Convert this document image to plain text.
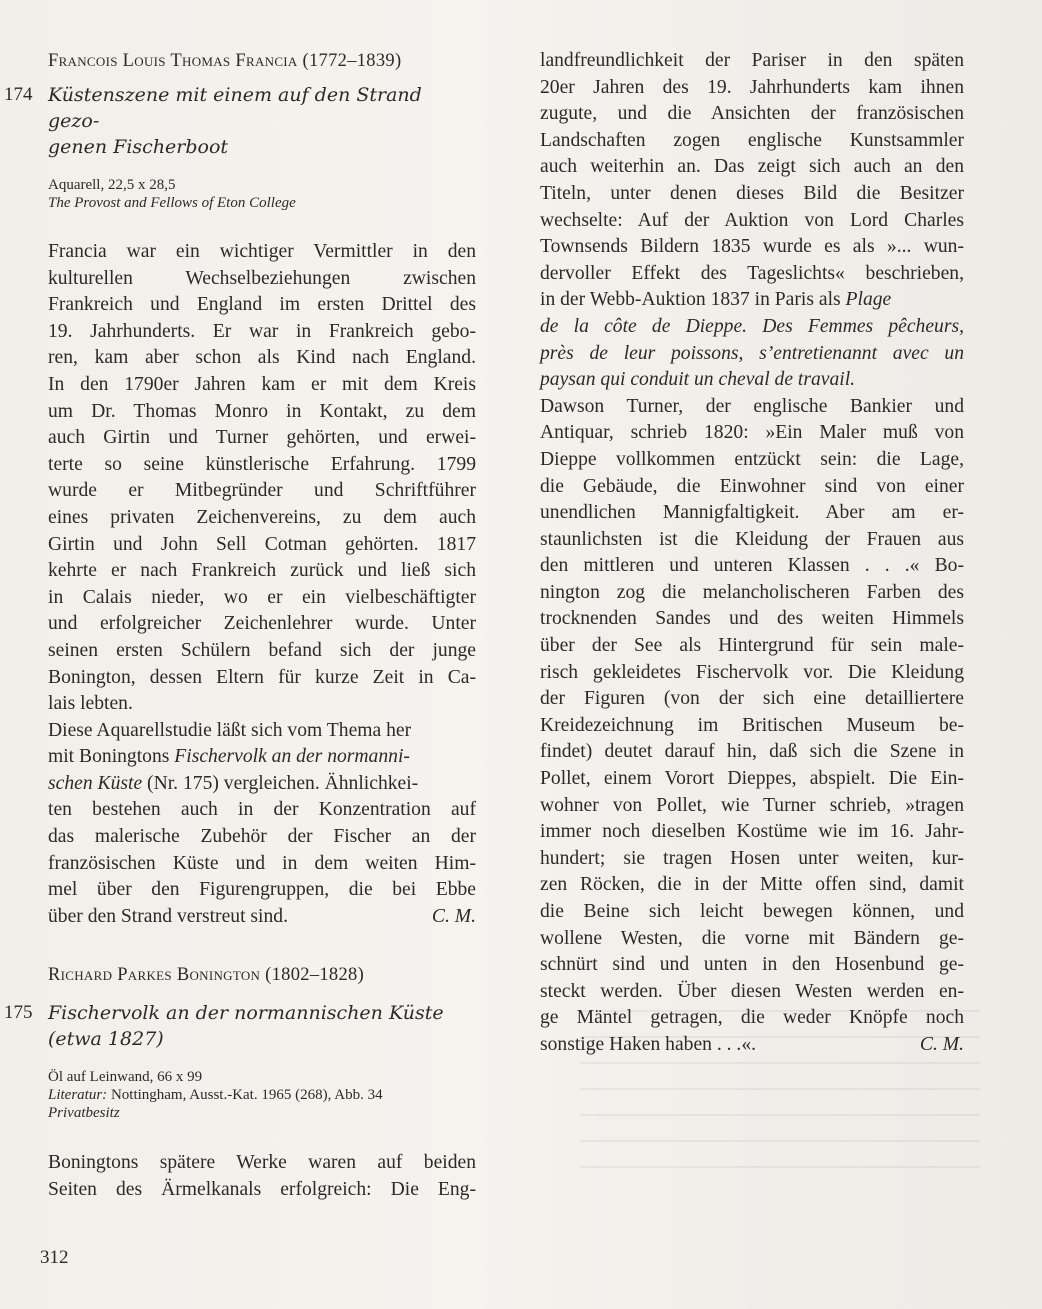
Francois Louis Thomas Francia (1772–1839)
174 Küstenszene mit einem auf den Strand gezo-
genen Fischerboot
Aquarell, 22,5 x 28,5
The Provost and Fellows of Eton College
Francia war ein wichtiger Vermittler in den
kulturellen Wechselbeziehungen zwischen
Frankreich und England im ersten Drittel des
19. Jahrhunderts. Er war in Frankreich gebo-
ren, kam aber schon als Kind nach England.
In den 1790er Jahren kam er mit dem Kreis
um Dr. Thomas Monro in Kontakt, zu dem
auch Girtin und Turner gehörten, und erwei-
terte so seine künstlerische Erfahrung. 1799
wurde er Mitbegründer und Schriftführer
eines privaten Zeichenvereins, zu dem auch
Girtin und John Sell Cotman gehörten. 1817
kehrte er nach Frankreich zurück und ließ sich
in Calais nieder, wo er ein vielbeschäftigter
und erfolgreicher Zeichenlehrer wurde. Unter
seinen ersten Schülern befand sich der junge
Bonington, dessen Eltern für kurze Zeit in Ca-
lais lebten.
Diese Aquarellstudie läßt sich vom Thema her
mit Boningtons Fischervolk an der normanni-
schen Küste (Nr. 175) vergleichen. Ähnlichkei-
ten bestehen auch in der Konzentration auf
das malerische Zubehör der Fischer an der
französischen Küste und in dem weiten Him-
mel über den Figurengruppen, die bei Ebbe
über den Strand verstreut sind.	C. M.
Richard Parkes Bonington (1802–1828)
175 Fischervolk an der normannischen Küste
(etwa 1827)
Öl auf Leinwand, 66 x 99
Literatur: Nottingham, Ausst.-Kat. 1965 (268), Abb. 34
Privatbesitz
Boningtons spätere Werke waren auf beiden
Seiten des Ärmelkanals erfolgreich: Die Eng-
landfreundlichkeit der Pariser in den späten
20er Jahren des 19. Jahrhunderts kam ihnen
zugute, und die Ansichten der französischen
Landschaften zogen englische Kunstsammler
auch weiterhin an. Das zeigt sich auch an den
Titeln, unter denen dieses Bild die Besitzer
wechselte: Auf der Auktion von Lord Charles
Townsends Bildern 1835 wurde es als »... wun-
dervoller Effekt des Tageslichts« beschrieben,
in der Webb-Auktion 1837 in Paris als Plage
de la côte de Dieppe. Des Femmes pêcheurs,
près de leur poissons, s’entretienannt avec un
paysan qui conduit un cheval de travail.
Dawson Turner, der englische Bankier und
Antiquar, schrieb 1820: »Ein Maler muß von
Dieppe vollkommen entzückt sein: die Lage,
die Gebäude, die Einwohner sind von einer
unendlichen Mannigfaltigkeit. Aber am er-
staunlichsten ist die Kleidung der Frauen aus
den mittleren und unteren Klassen . . .« Bo-
nington zog die melancholischeren Farben des
trocknenden Sandes und des weiten Himmels
über der See als Hintergrund für sein male-
risch gekleidetes Fischervolk vor. Die Kleidung
der Figuren (von der sich eine detailliertere
Kreidezeichnung im Britischen Museum be-
findet) deutet darauf hin, daß sich die Szene in
Pollet, einem Vorort Dieppes, abspielt. Die Ein-
wohner von Pollet, wie Turner schrieb, »tragen
immer noch dieselben Kostüme wie im 16. Jahr-
hundert; sie tragen Hosen unter weiten, kur-
zen Röcken, die in der Mitte offen sind, damit
die Beine sich leicht bewegen können, und
wollene Westen, die vorne mit Bändern ge-
schnürt sind und unten in den Hosenbund ge-
steckt werden. Über diesen Westen werden en-
ge Mäntel getragen, die weder Knöpfe noch
sonstige Haken haben . . .«.	C. M.
312
